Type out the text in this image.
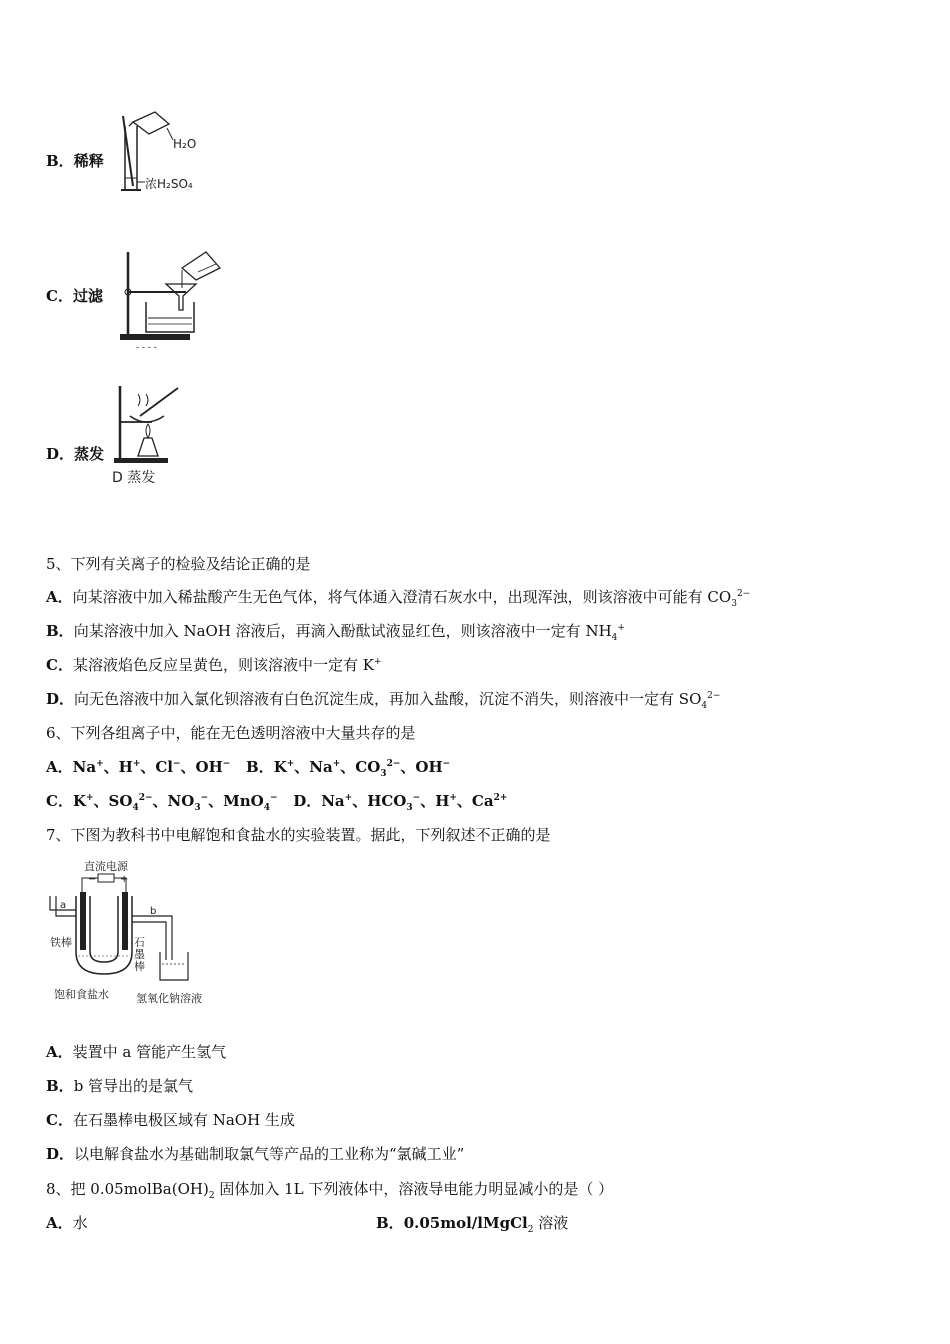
B．稀释
H₂O
浓H₂SO₄
C．过滤
- - - -
D．蒸发
D 蒸发
5、下列有关离子的检验及结论正确的是
A．向某溶液中加入稀盐酸产生无色气体，将气体通入澄清石灰水中，出现浑浊，则该溶液中可能有 $CO_3^{2-}$
B．向某溶液中加入 NaOH 溶液后，再滴入酚酞试液显红色，则该溶液中一定有 $NH_4^+$
C．某溶液焰色反应呈黄色，则该溶液中一定有 K+
D．向无色溶液中加入氯化钡溶液有白色沉淀生成，再加入盐酸，沉淀不消失，则溶液中一定有 $SO_4^{2-}$
6、下列各组离子中，能在无色透明溶液中大量共存的是
A．Na+、H+、Cl−、OH− B．K+、Na+、$CO_3^{2-}$、OH−
C．K+、$SO_4^{2-}$、$NO_3^-$、MnO$_4$− D．Na+、$HCO_3^-$、H+、$Ca^{2+}$
7、下图为教科书中电解饱和食盐水的实验装置。据此，下列叙述不正确的是
直流电源
− +
a
b
铁棒	石
墨
棒
饱和食盐水 氢氧化钠溶液
A．装置中 a 管能产生氢气
B．b 管导出的是氯气
C．在石墨棒电极区域有 NaOH 生成
D．以电解食盐水为基础制取氯气等产品的工业称为“氯碱工业”
8、把 $0.05molBa(OH)_2$ 固体加入 1L 下列液体中，溶液导电能力明显减小的是（ ）
A．水	B．0.05mol/lMgCl$_2$ 溶液
